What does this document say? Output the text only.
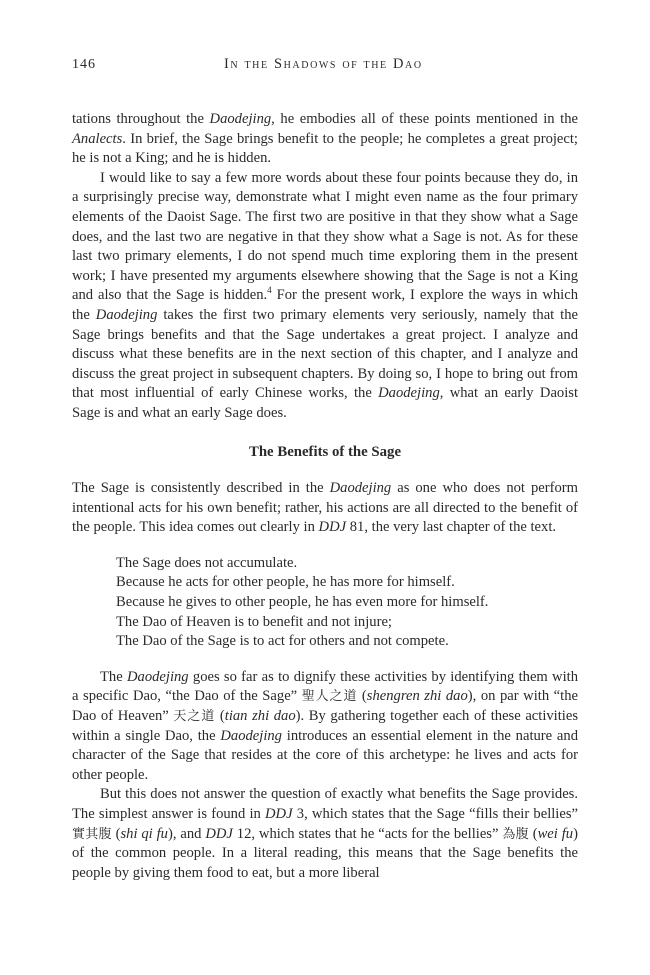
146	In the Shadows of the Dao

tations throughout the Daodejing, he embodies all of these points mentioned in the Analects. In brief, the Sage brings benefit to the people; he completes a great project; he is not a King; and he is hidden.

I would like to say a few more words about these four points because they do, in a surprisingly precise way, demonstrate what I might even name as the four primary elements of the Daoist Sage. The first two are positive in that they show what a Sage does, and the last two are negative in that they show what a Sage is not. As for these last two primary elements, I do not spend much time exploring them in the present work; I have presented my arguments elsewhere showing that the Sage is not a King and also that the Sage is hidden.$^4$ For the present work, I explore the ways in which the Daodejing takes the first two primary elements very seriously, namely that the Sage brings benefits and that the Sage undertakes a great project. I analyze and discuss what these benefits are in the next section of this chapter, and I analyze and discuss the great project in subsequent chapters. By doing so, I hope to bring out from that most influential of early Chinese works, the Daodejing, what an early Daoist Sage is and what an early Sage does.

The Benefits of the Sage

The Sage is consistently described in the Daodejing as one who does not perform intentional acts for his own benefit; rather, his actions are all directed to the benefit of the people. This idea comes out clearly in DDJ 81, the very last chapter of the text.

The Sage does not accumulate.
Because he acts for other people, he has more for himself.
Because he gives to other people, he has even more for himself.
The Dao of Heaven is to benefit and not injure;
The Dao of the Sage is to act for others and not compete.

The Daodejing goes so far as to dignify these activities by identifying them with a specific Dao, “the Dao of the Sage” 聖人之道 (shengren zhi dao), on par with “the Dao of Heaven” 天之道 (tian zhi dao). By gathering together each of these activities within a single Dao, the Daodejing introduces an essential element in the nature and character of the Sage that resides at the core of this archetype: he lives and acts for other people.

But this does not answer the question of exactly what benefits the Sage provides. The simplest answer is found in DDJ 3, which states that the Sage “fills their bellies” 實其腹 (shi qi fu), and DDJ 12, which states that he “acts for the bellies” 為腹 (wei fu) of the common people. In a literal reading, this means that the Sage benefits the people by giving them food to eat, but a more liberal
